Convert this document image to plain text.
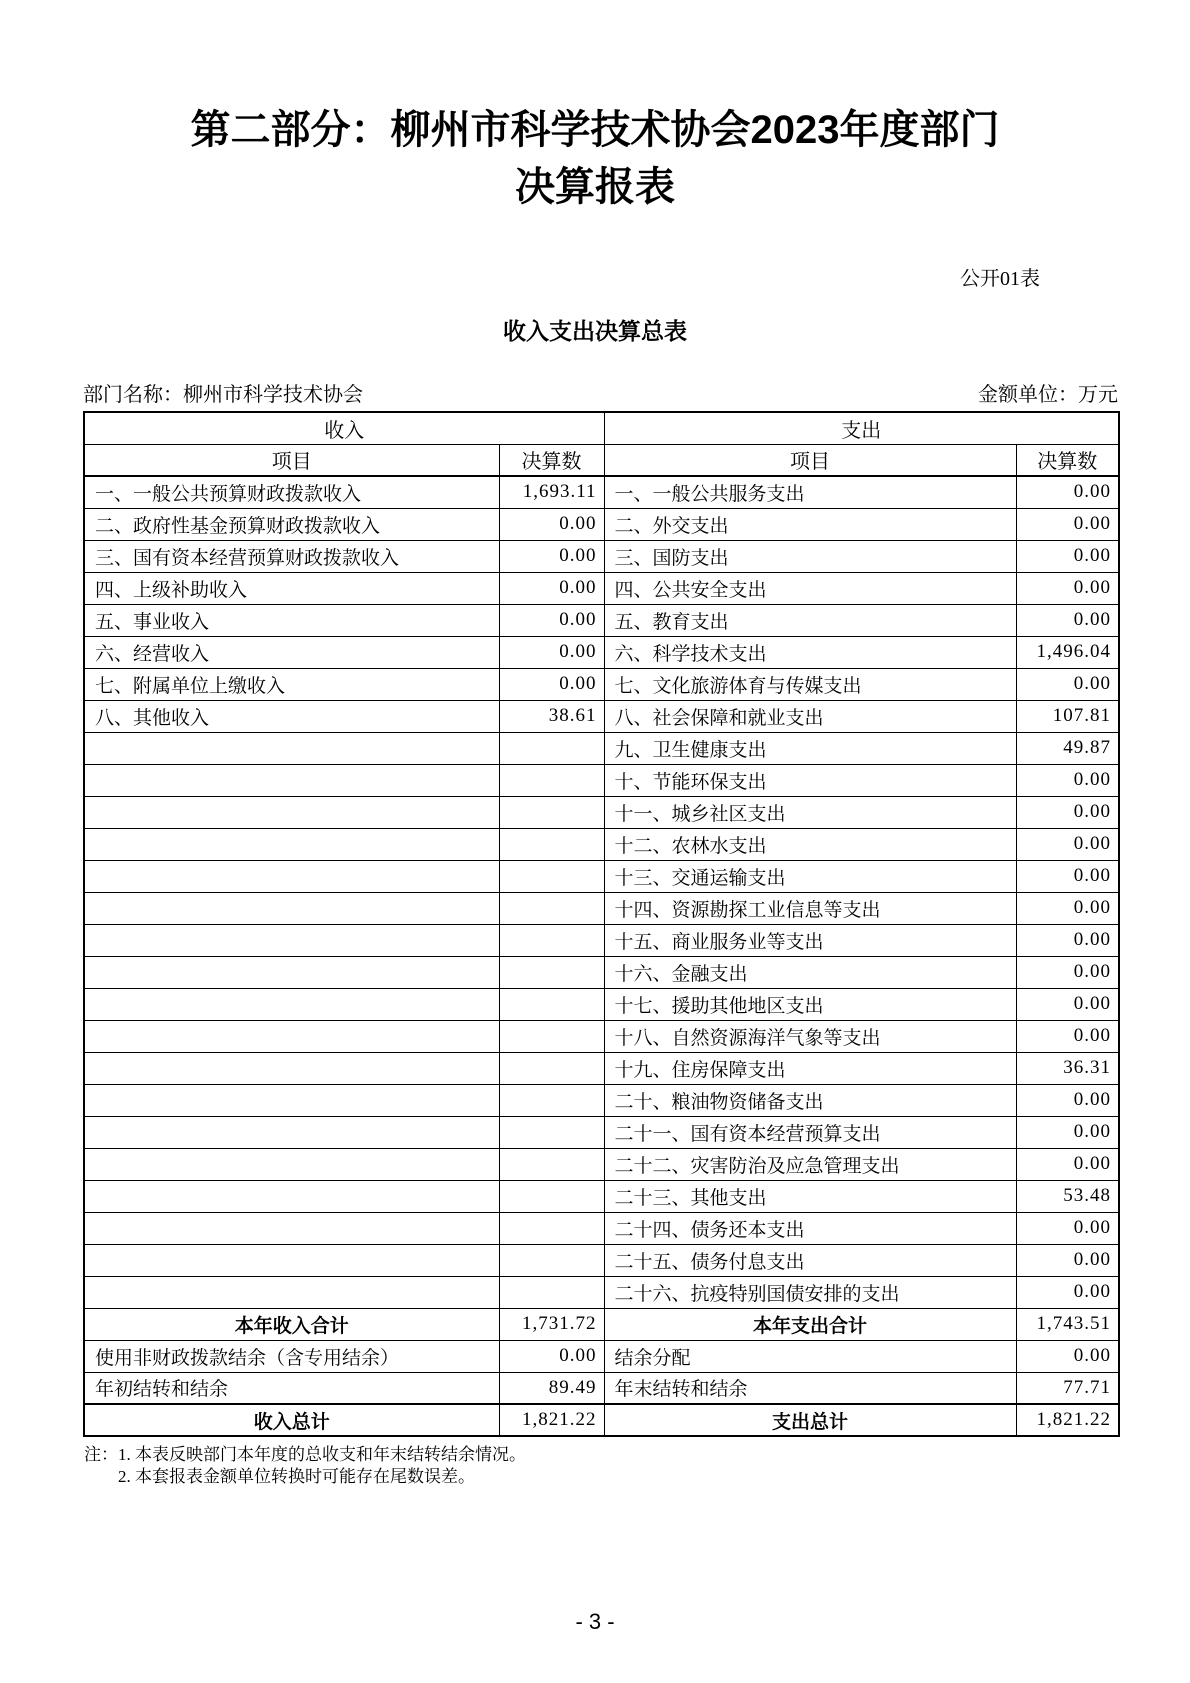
第二部分：柳州市科学技术协会2023年度部门决算报表
公开01表
收入支出决算总表
部门名称：柳州市科学技术协会	金额单位：万元
收入		支出	
项目	决算数	项目	决算数
一、一般公共预算财政拨款收入	1,693.11	一、一般公共服务支出	0.00
二、政府性基金预算财政拨款收入	0.00	二、外交支出	0.00
三、国有资本经营预算财政拨款收入	0.00	三、国防支出	0.00
四、上级补助收入	0.00	四、公共安全支出	0.00
五、事业收入	0.00	五、教育支出	0.00
六、经营收入	0.00	六、科学技术支出	1,496.04
七、附属单位上缴收入	0.00	七、文化旅游体育与传媒支出	0.00
八、其他收入	38.61	八、社会保障和就业支出	107.81
		九、卫生健康支出	49.87
		十、节能环保支出	0.00
		十一、城乡社区支出	0.00
		十二、农林水支出	0.00
		十三、交通运输支出	0.00
		十四、资源勘探工业信息等支出	0.00
		十五、商业服务业等支出	0.00
		十六、金融支出	0.00
		十七、援助其他地区支出	0.00
		十八、自然资源海洋气象等支出	0.00
		十九、住房保障支出	36.31
		二十、粮油物资储备支出	0.00
		二十一、国有资本经营预算支出	0.00
		二十二、灾害防治及应急管理支出	0.00
		二十三、其他支出	53.48
		二十四、债务还本支出	0.00
		二十五、债务付息支出	0.00
		二十六、抗疫特别国债安排的支出	0.00
本年收入合计	1,731.72	本年支出合计	1,743.51
使用非财政拨款结余（含专用结余）	0.00	结余分配	0.00
年初结转和结余	89.49	年末结转和结余	77.71
收入总计	1,821.22	支出总计	1,821.22
注： 1. 本表反映部门本年度的总收支和年末结转结余情况。
2. 本套报表金额单位转换时可能存在尾数误差。
- 3 -
